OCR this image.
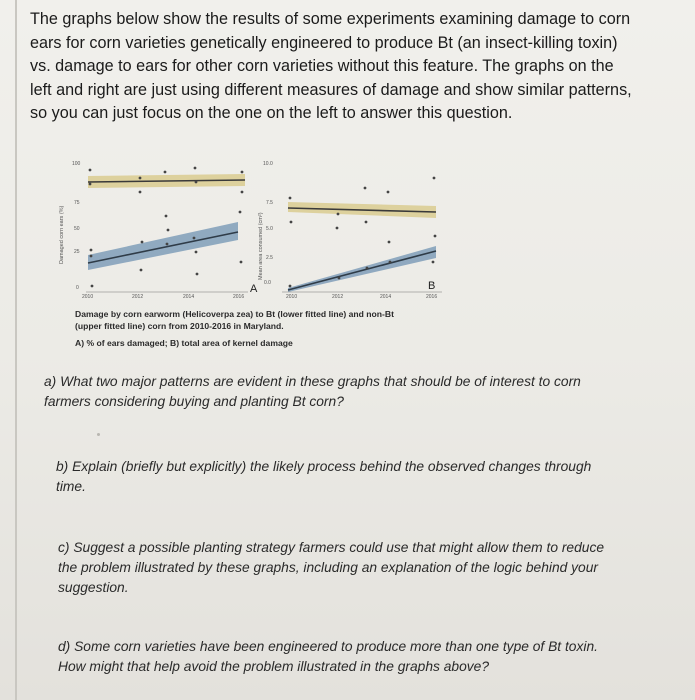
The graphs below show the results of some experiments examining damage to corn
ears for corn varieties genetically engineered to produce Bt (an insect-killing toxin)
vs. damage to ears for other corn varieties without this feature. The graphs on the
left and right are just using different measures of damage and show similar patterns,
so you can just focus on the one on the left to answer this question.
Damaged corn ears (%)
100
75
50
25
0
2010	2012	2014	2016
A
Mean area consumed (cm²)
10.0
7.5
5.0
2.5
0.0
2010	2012	2014	2016
B
Damage by corn earworm (Helicoverpa zea) to Bt (lower fitted line) and non-Bt
(upper fitted line) corn from 2010-2016 in Maryland.
A) % of ears damaged; B) total area of kernel damage
a) What two major patterns are evident in these graphs that should be of interest to corn
farmers considering buying and planting Bt corn?
b) Explain (briefly but explicitly) the likely process behind the observed changes through
time.
c) Suggest a possible planting strategy farmers could use that might allow them to reduce
the problem illustrated by these graphs, including an explanation of the logic behind your
suggestion.
d) Some corn varieties have been engineered to produce more than one type of Bt toxin.
How might that help avoid the problem illustrated in the graphs above?
